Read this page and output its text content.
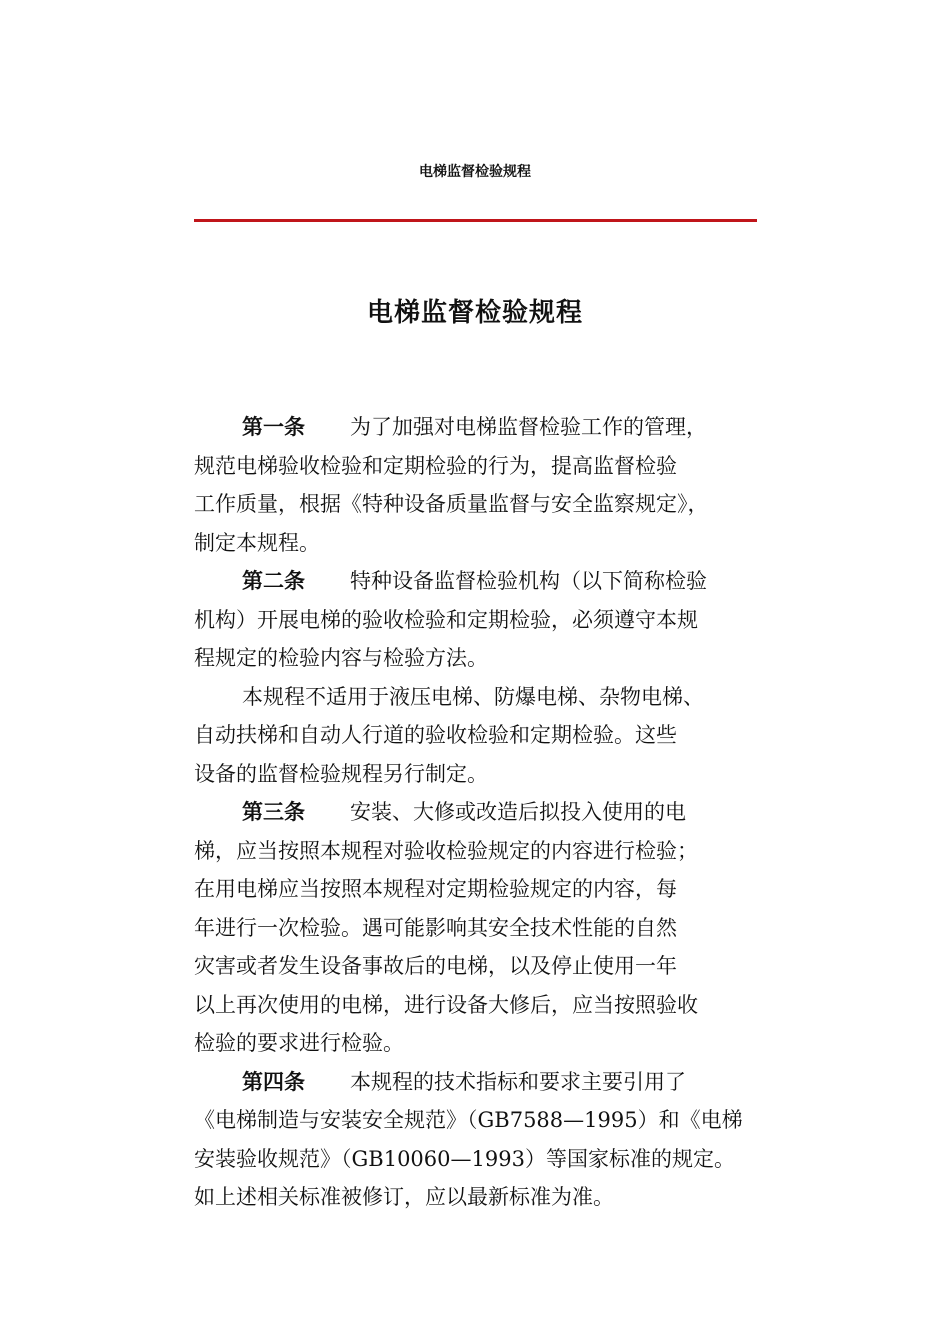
电梯监督检验规程
电梯监督检验规程
第一条 为了加强对电梯监督检验工作的管理，
规范电梯验收检验和定期检验的行为，提高监督检验
工作质量，根据《特种设备质量监督与安全监察规定》，
制定本规程。
第二条 特种设备监督检验机构（以下简称检验
机构）开展电梯的验收检验和定期检验，必须遵守本规
程规定的检验内容与检验方法。
本规程不适用于液压电梯、防爆电梯、杂物电梯、
自动扶梯和自动人行道的验收检验和定期检验。这些
设备的监督检验规程另行制定。
第三条 安装、大修或改造后拟投入使用的电
梯，应当按照本规程对验收检验规定的内容进行检验；
在用电梯应当按照本规程对定期检验规定的内容，每
年进行一次检验。遇可能影响其安全技术性能的自然
灾害或者发生设备事故后的电梯，以及停止使用一年
以上再次使用的电梯，进行设备大修后，应当按照验收
检验的要求进行检验。
第四条 本规程的技术指标和要求主要引用了
《电梯制造与安装安全规范》（GB7588—1995）和《电梯
安装验收规范》（GB10060—1993）等国家标准的规定。
如上述相关标准被修订，应以最新标准为准。
